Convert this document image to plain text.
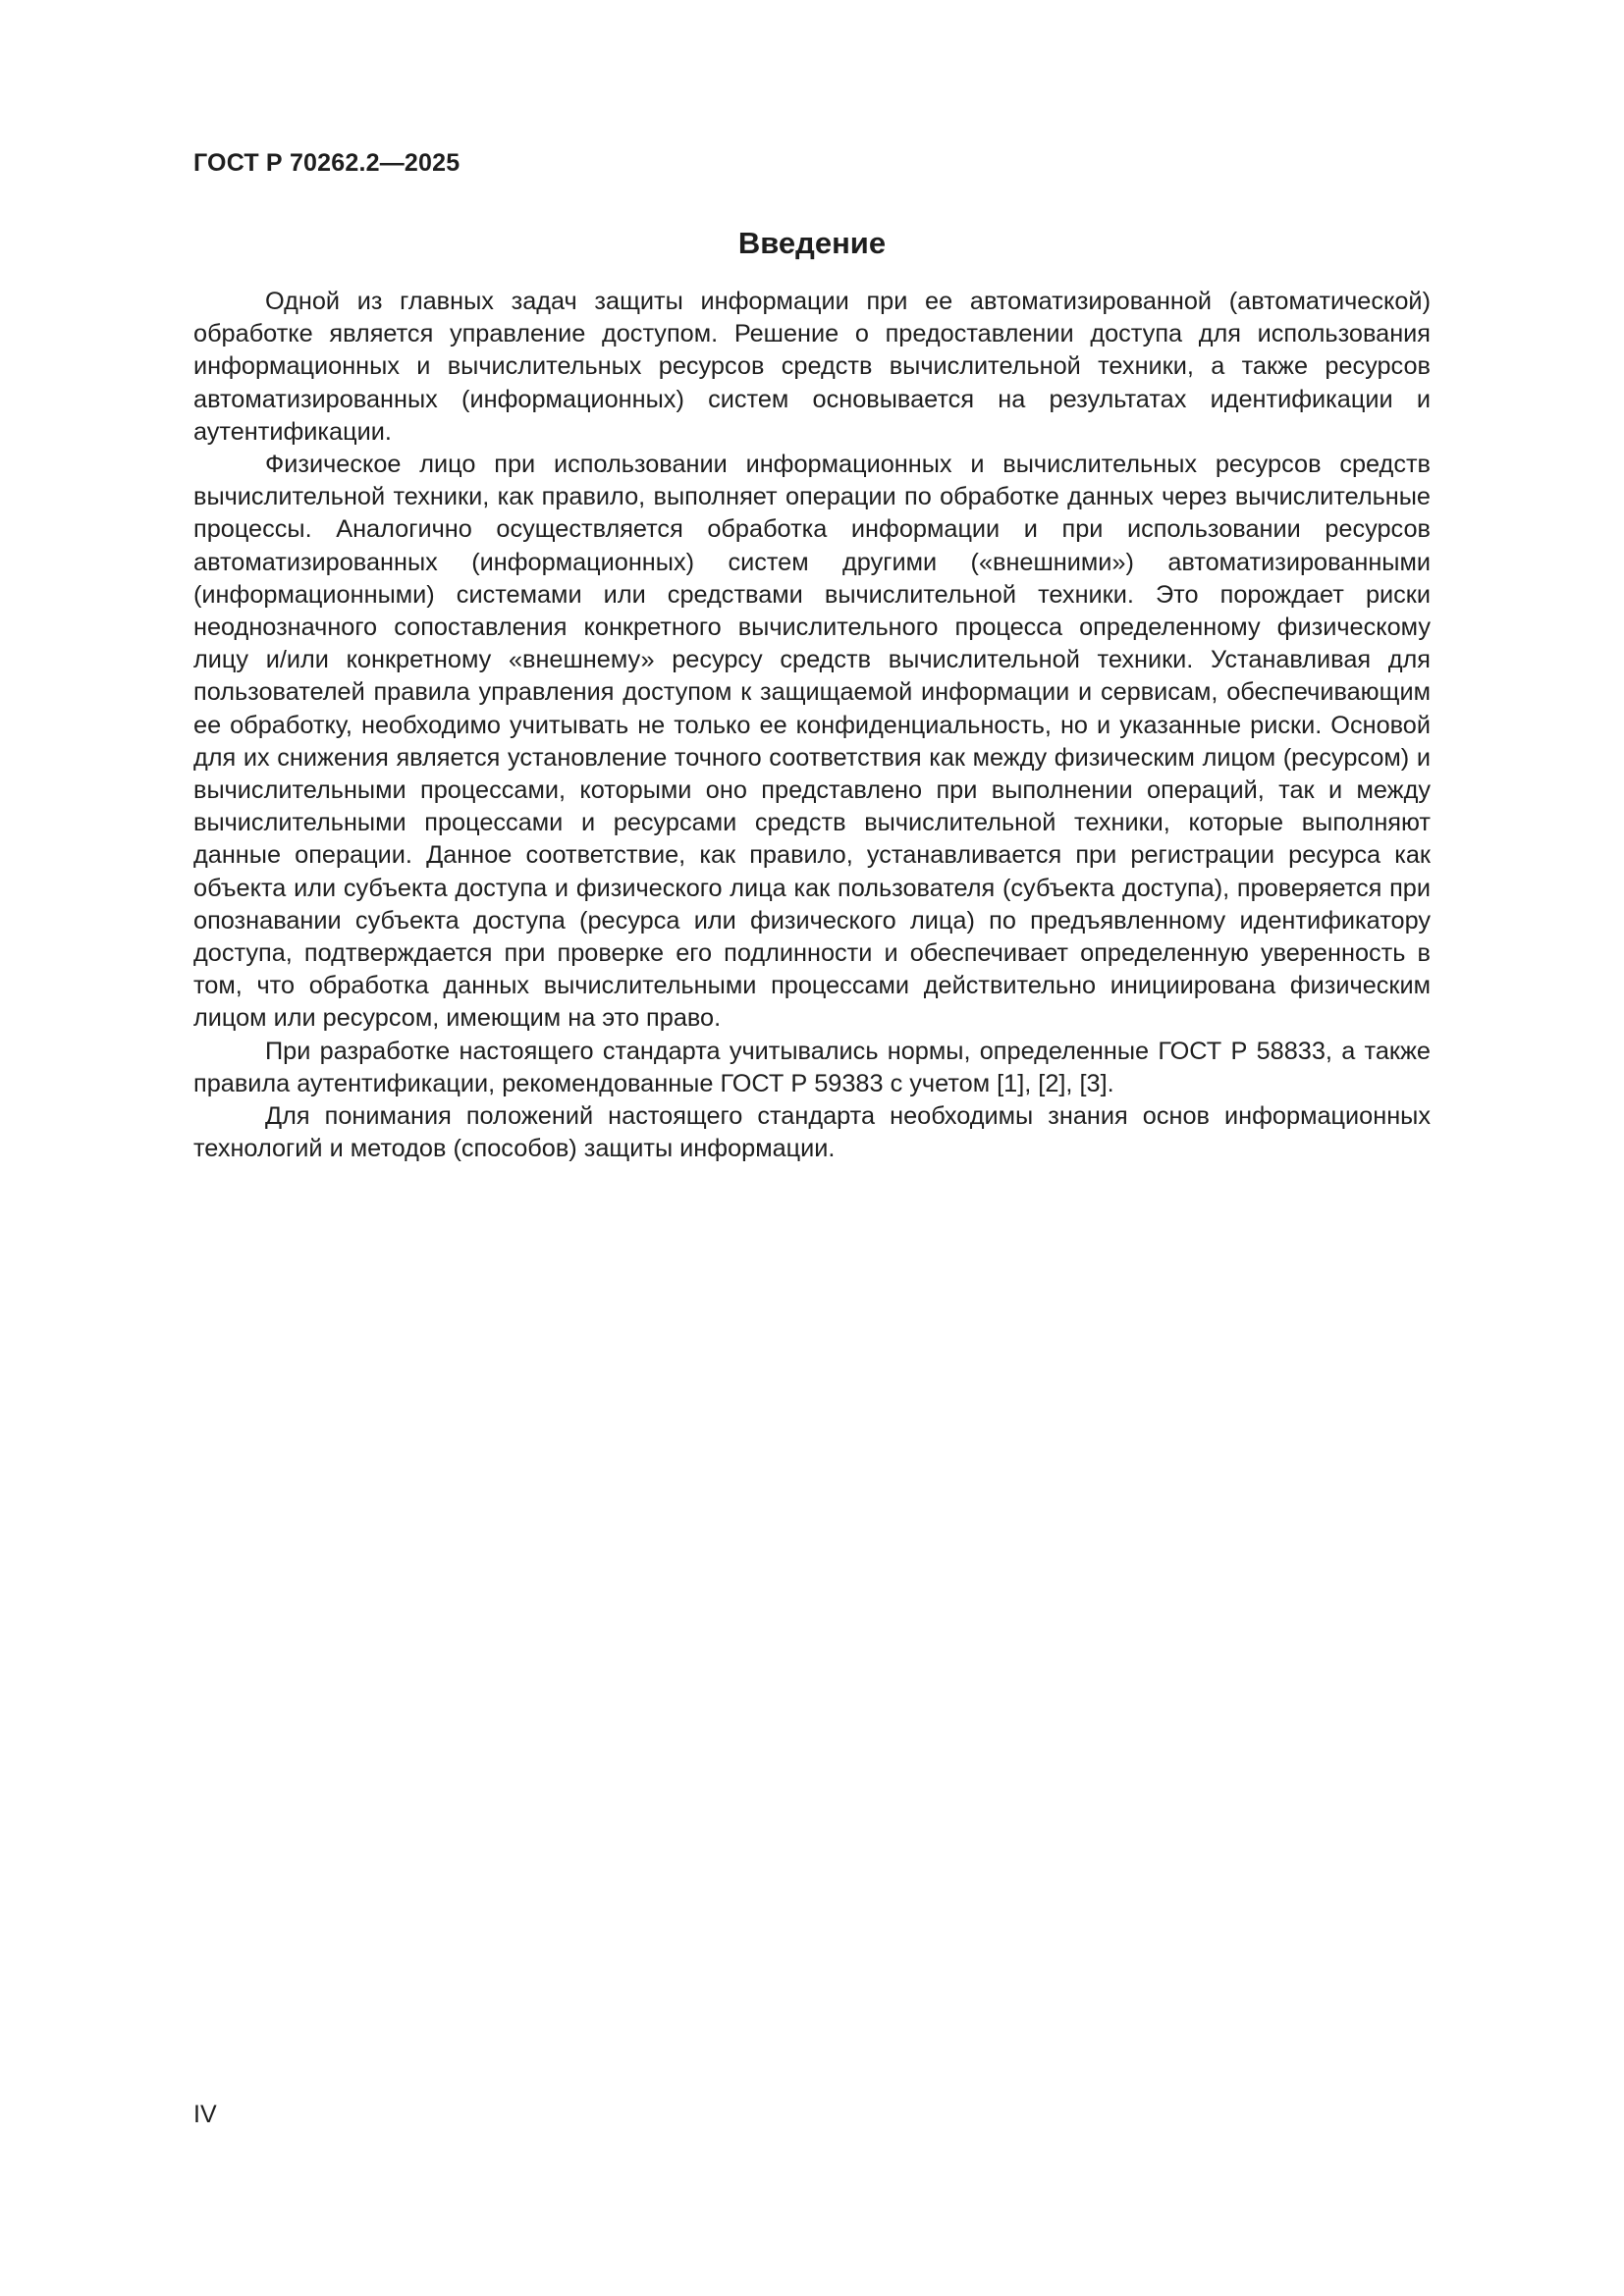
ГОСТ Р 70262.2—2025
Введение

Одной из главных задач защиты информации при ее автоматизированной (автоматической) обработке является управление доступом. Решение о предоставлении доступа для использования информационных и вычислительных ресурсов средств вычислительной техники, а также ресурсов автоматизированных (информационных) систем основывается на результатах идентификации и аутентификации.

Физическое лицо при использовании информационных и вычислительных ресурсов средств вычислительной техники, как правило, выполняет операции по обработке данных через вычислительные процессы. Аналогично осуществляется обработка информации и при использовании ресурсов автоматизированных (информационных) систем другими («внешними») автоматизированными (информационными) системами или средствами вычислительной техники. Это порождает риски неоднозначного сопоставления конкретного вычислительного процесса определенному физическому лицу и/или конкретному «внешнему» ресурсу средств вычислительной техники. Устанавливая для пользователей правила управления доступом к защищаемой информации и сервисам, обеспечивающим ее обработку, необходимо учитывать не только ее конфиденциальность, но и указанные риски. Основой для их снижения является установление точного соответствия как между физическим лицом (ресурсом) и вычислительными процессами, которыми оно представлено при выполнении операций, так и между вычислительными процессами и ресурсами средств вычислительной техники, которые выполняют данные операции. Данное соответствие, как правило, устанавливается при регистрации ресурса как объекта или субъекта доступа и физического лица как пользователя (субъекта доступа), проверяется при опознавании субъекта доступа (ресурса или физического лица) по предъявленному идентификатору доступа, подтверждается при проверке его подлинности и обеспечивает определенную уверенность в том, что обработка данных вычислительными процессами действительно инициирована физическим лицом или ресурсом, имеющим на это право.

При разработке настоящего стандарта учитывались нормы, определенные ГОСТ Р 58833, а также правила аутентификации, рекомендованные ГОСТ Р 59383 с учетом [1], [2], [3].

Для понимания положений настоящего стандарта необходимы знания основ информационных технологий и методов (способов) защиты информации.

IV
